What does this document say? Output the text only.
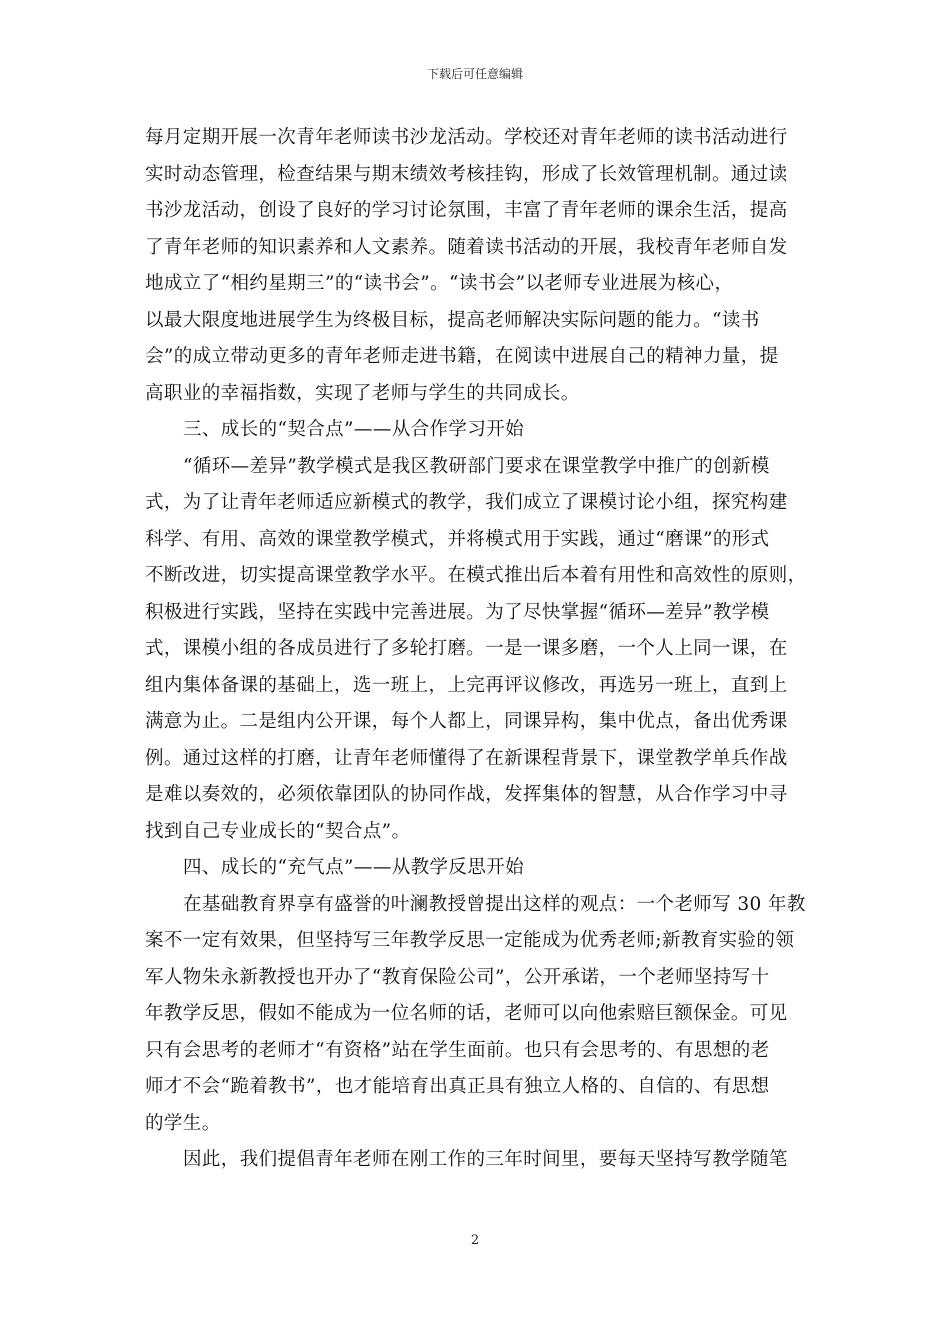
下载后可任意编辑
每月定期开展一次青年老师读书沙龙活动。学校还对青年老师的读书活动进行
实时动态管理，检查结果与期末绩效考核挂钩，形成了长效管理机制。通过读
书沙龙活动，创设了良好的学习讨论氛围，丰富了青年老师的课余生活，提高
了青年老师的知识素养和人文素养。随着读书活动的开展，我校青年老师自发
地成立了“相约星期三”的“读书会”。“读书会”以老师专业进展为核心，
以最大限度地进展学生为终极目标，提高老师解决实际问题的能力。“读书
会”的成立带动更多的青年老师走进书籍，在阅读中进展自己的精神力量，提
高职业的幸福指数，实现了老师与学生的共同成长。
三、成长的“契合点”——从合作学习开始
“循环—差异”教学模式是我区教研部门要求在课堂教学中推广的创新模
式，为了让青年老师适应新模式的教学，我们成立了课模讨论小组，探究构建
科学、有用、高效的课堂教学模式，并将模式用于实践，通过“磨课”的形式
不断改进，切实提高课堂教学水平。在模式推出后本着有用性和高效性的原则，
积极进行实践，坚持在实践中完善进展。为了尽快掌握“循环—差异”教学模
式，课模小组的各成员进行了多轮打磨。一是一课多磨，一个人上同一课，在
组内集体备课的基础上，选一班上，上完再评议修改，再选另一班上，直到上
满意为止。二是组内公开课，每个人都上，同课异构，集中优点，备出优秀课
例。通过这样的打磨，让青年老师懂得了在新课程背景下，课堂教学单兵作战
是难以奏效的，必须依靠团队的协同作战，发挥集体的智慧，从合作学习中寻
找到自己专业成长的“契合点”。
四、成长的“充气点”——从教学反思开始
在基础教育界享有盛誉的叶澜教授曾提出这样的观点：一个老师写 30 年教
案不一定有效果，但坚持写三年教学反思一定能成为优秀老师;新教育实验的领
军人物朱永新教授也开办了“教育保险公司”，公开承诺，一个老师坚持写十
年教学反思，假如不能成为一位名师的话，老师可以向他索赔巨额保金。可见
只有会思考的老师才“有资格”站在学生面前。也只有会思考的、有思想的老
师才不会“跪着教书”，也才能培育出真正具有独立人格的、自信的、有思想
的学生。
因此，我们提倡青年老师在刚工作的三年时间里，要每天坚持写教学随笔
2
